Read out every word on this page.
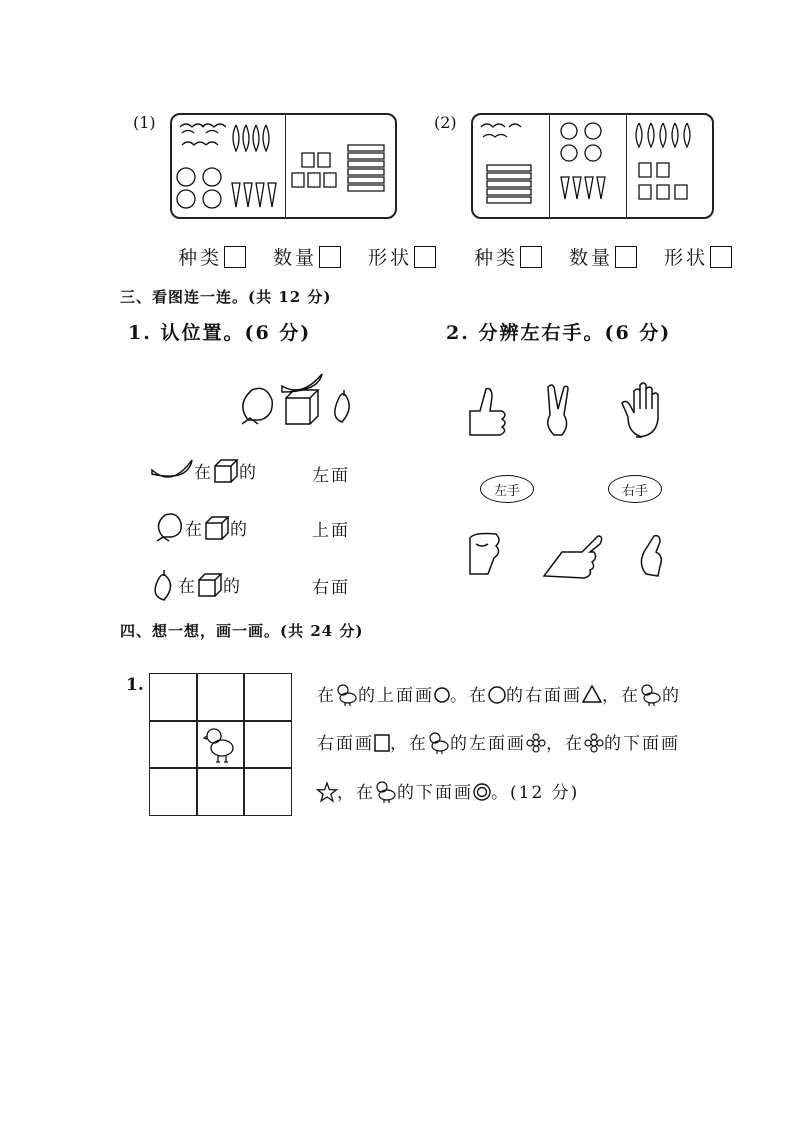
(1)	(2)
种类	数量	形状	种类	数量	形状
三、看图连一连。(共 12 分)
1. 认位置。(6 分)	2. 分辨左右手。(6 分)
在 的	左面
在 的	上面
在 的	右面
左手	右手
四、想一想，画一画。(共 24 分)
1.
在 的上面画 。在 的右面画 ，在 的
右面画 ，在 的左面画 ，在 的下面画
，在 的下面画 。(12 分)
